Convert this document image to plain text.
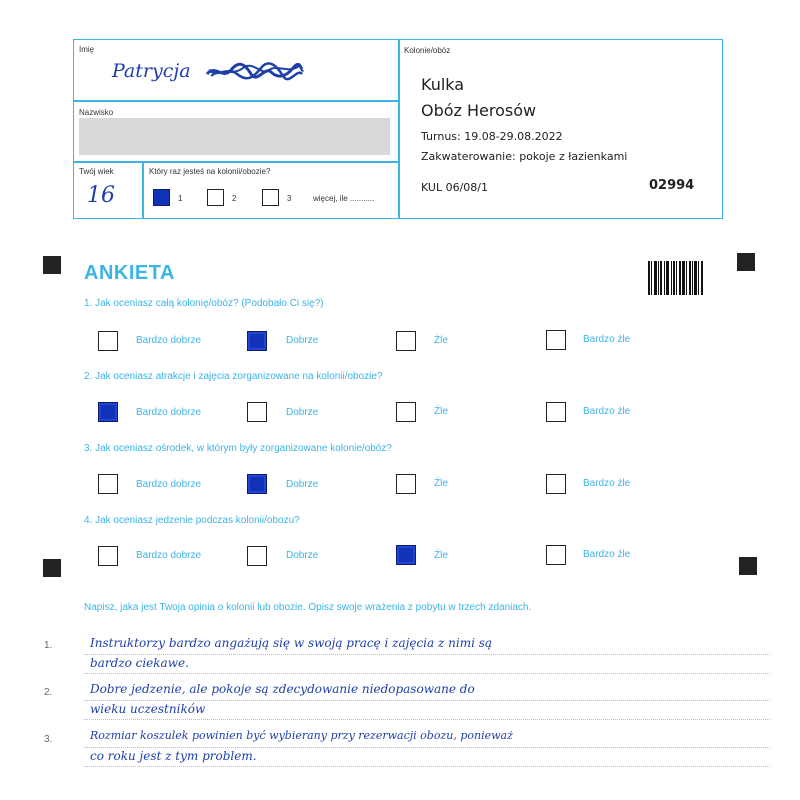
Imię
Patrycja
Nazwisko
Twój wiek
16
Który raz jesteś na kolonii/obozie?
1	2	3	więcej, ile ...........
Kolonie/obóz
Kulka
Obóz Herosów
Turnus: 19.08-29.08.2022
Zakwaterowanie: pokoje z łazienkami
KUL 06/08/1	02994
ANKIETA
1. Jak oceniasz całą kolonię/obóz? (Podobało Ci się?)
Bardzo dobrze	Dobrze	Źle	Bardzo źle
2. Jak oceniasz atrakcje i zajęcia zorganizowane na kolonii/obozie?
Bardzo dobrze	Dobrze	Źle	Bardzo źle
3. Jak oceniasz ośrodek, w którym były zorganizowane kolonie/obóz?
Bardzo dobrze	Dobrze	Źle	Bardzo źle
4. Jak oceniasz jedzenie podczas kolonii/obozu?
Bardzo dobrze	Dobrze	Źle	Bardzo źle
Napisz, jaka jest Twoja opinia o kolonii lub obozie. Opisz swoje wrażenia z pobytu w trzech zdaniach.
1.
2.
3.
Instruktorzy bardzo angażują się w swoją pracę i zajęcia z nimi są
bardzo ciekawe.
Dobre jedzenie, ale pokoje są zdecydowanie niedopasowane do
wieku uczestników
Rozmiar koszulek powinien być wybierany przy rezerwacji obozu, ponieważ
co roku jest z tym problem.
